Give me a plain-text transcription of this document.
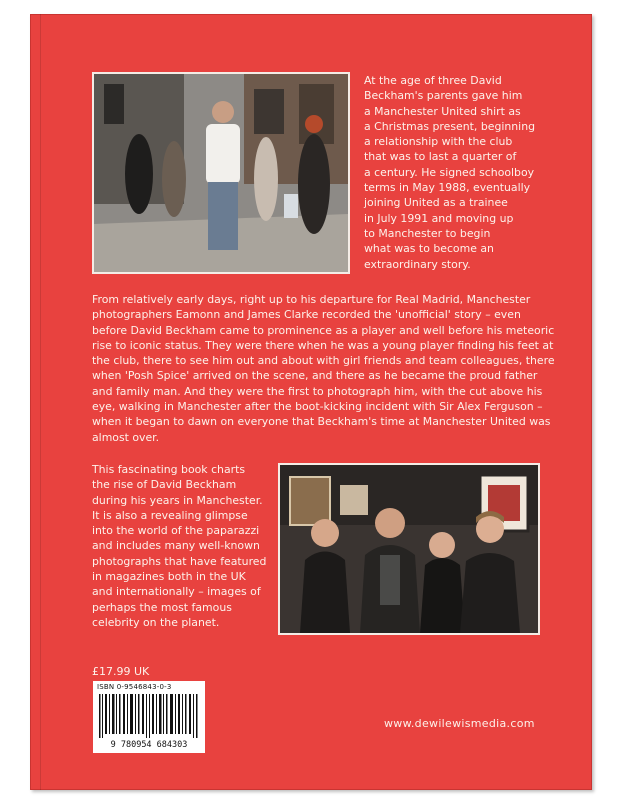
At the age of three David
Beckham's parents gave him
a Manchester United shirt as
a Christmas present, beginning
a relationship with the club
that was to last a quarter of
a century. He signed schoolboy
terms in May 1988, eventually
joining United as a trainee
in July 1991 and moving up
to Manchester to begin
what was to become an
extraordinary story.

From relatively early days, right up to his departure for Real Madrid, Manchester
photographers Eamonn and James Clarke recorded the 'unofficial' story – even
before David Beckham came to prominence as a player and well before his meteoric
rise to iconic status. They were there when he was a young player finding his feet at
the club, there to see him out and about with girl friends and team colleagues, there
when 'Posh Spice' arrived on the scene, and there as he became the proud father
and family man. And they were the first to photograph him, with the cut above his
eye, walking in Manchester after the boot-kicking incident with Sir Alex Ferguson –
when it began to dawn on everyone that Beckham's time at Manchester United was
almost over.

This fascinating book charts
the rise of David Beckham
during his years in Manchester.
It is also a revealing glimpse
into the world of the paparazzi
and includes many well-known
photographs that have featured
in magazines both in the UK
and internationally – images of
perhaps the most famous
celebrity on the planet.

£17.99 UK
ISBN 0-9546843-0-3
9 780954 684303
www.dewilewismedia.com
